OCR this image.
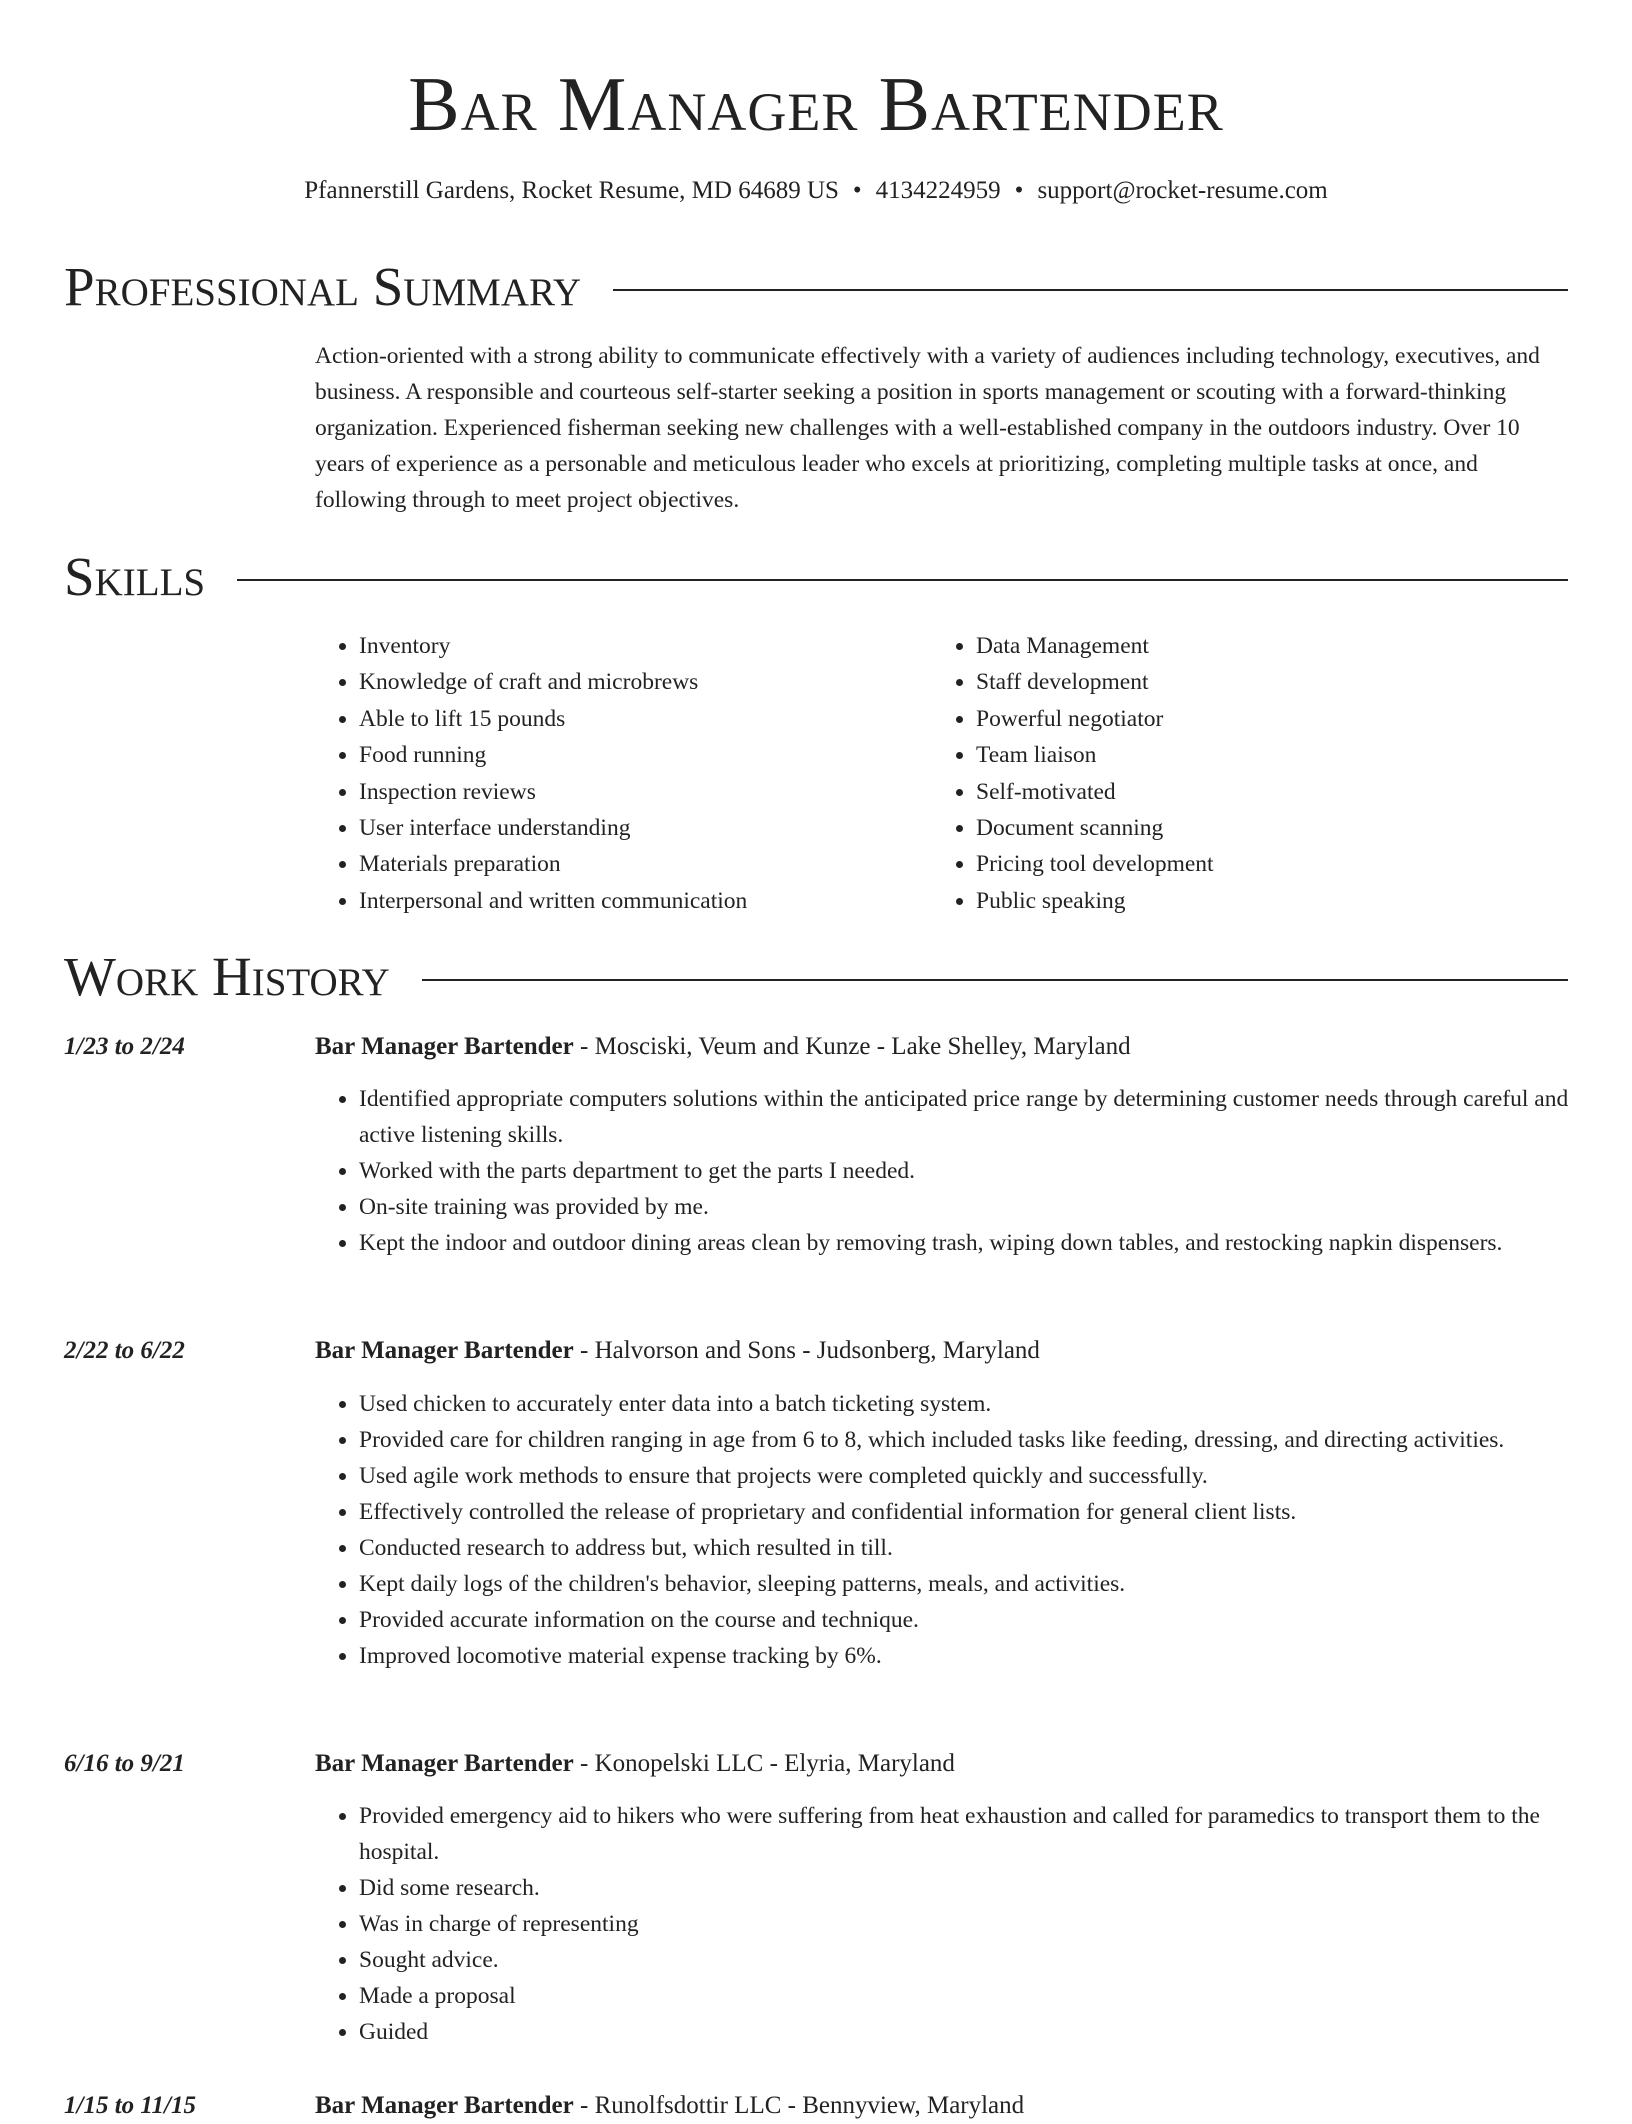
Bar Manager Bartender
Pfannerstill Gardens, Rocket Resume, MD 64689 US • 4134224959 • support@rocket-resume.com
Professional Summary

Action-oriented with a strong ability to communicate effectively with a variety of audiences including technology, executives, and business. A responsible and courteous self-starter seeking a position in sports management or scouting with a forward-thinking organization. Experienced fisherman seeking new challenges with a well-established company in the outdoors industry. Over 10 years of experience as a personable and meticulous leader who excels at prioritizing, completing multiple tasks at once, and following through to meet project objectives.

Skills
• Inventory
• Knowledge of craft and microbrews
• Able to lift 15 pounds
• Food running
• Inspection reviews
• User interface understanding
• Materials preparation
• Interpersonal and written communication
• Data Management
• Staff development
• Powerful negotiator
• Team liaison
• Self-motivated
• Document scanning
• Pricing tool development
• Public speaking
Work History
1/23 to 2/24	Bar Manager Bartender - Mosciski, Veum and Kunze - Lake Shelley, Maryland
• Identified appropriate computers solutions within the anticipated price range by determining customer needs through careful and active listening skills.
• Worked with the parts department to get the parts I needed.
• On-site training was provided by me.
• Kept the indoor and outdoor dining areas clean by removing trash, wiping down tables, and restocking napkin dispensers.
2/22 to 6/22	Bar Manager Bartender - Halvorson and Sons - Judsonberg, Maryland
• Used chicken to accurately enter data into a batch ticketing system.
• Provided care for children ranging in age from 6 to 8, which included tasks like feeding, dressing, and directing activities.
• Used agile work methods to ensure that projects were completed quickly and successfully.
• Effectively controlled the release of proprietary and confidential information for general client lists.
• Conducted research to address but, which resulted in till.
• Kept daily logs of the children's behavior, sleeping patterns, meals, and activities.
• Provided accurate information on the course and technique.
• Improved locomotive material expense tracking by 6%.
6/16 to 9/21	Bar Manager Bartender - Konopelski LLC - Elyria, Maryland
• Provided emergency aid to hikers who were suffering from heat exhaustion and called for paramedics to transport them to the hospital.
• Did some research.
• Was in charge of representing
• Sought advice.
• Made a proposal
• Guided
1/15 to 11/15	Bar Manager Bartender - Runolfsdottir LLC - Bennyview, Maryland
